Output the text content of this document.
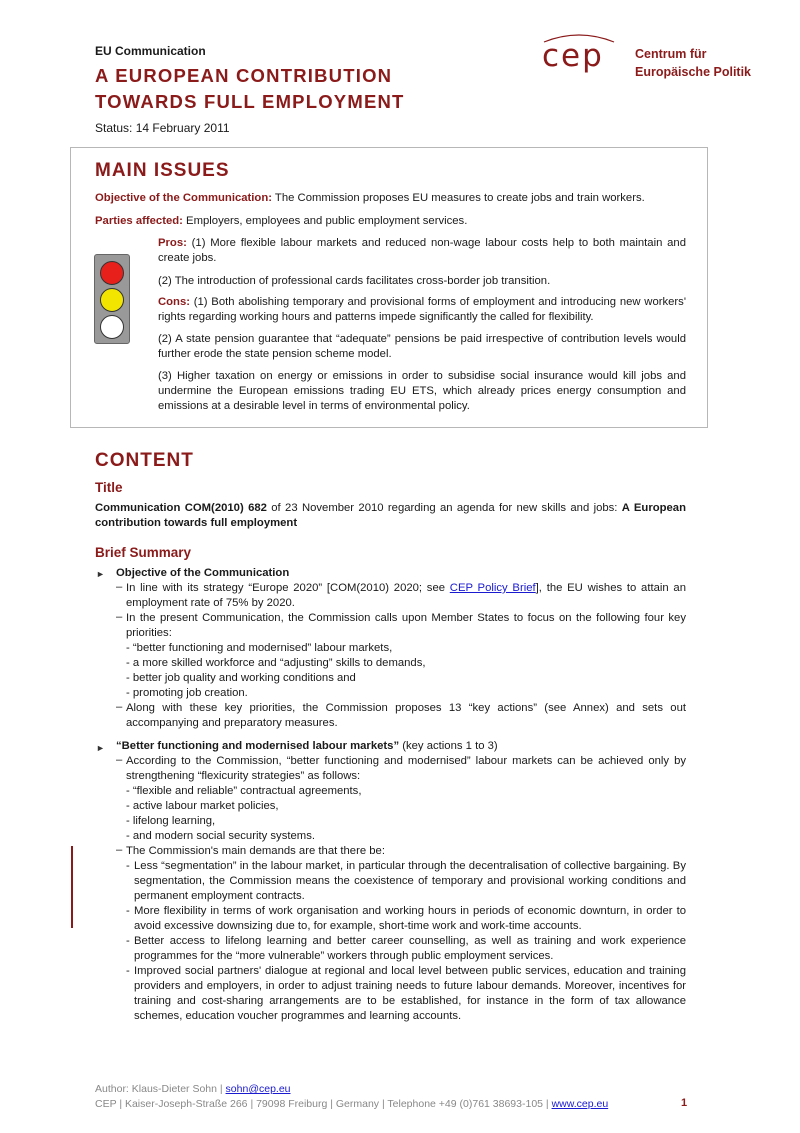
EU Communication
A EUROPEAN CONTRIBUTION
TOWARDS FULL EMPLOYMENT
Status: 14 February 2011
cep Centrum für
Europäische Politik
MAIN ISSUES
Objective of the Communication: The Commission proposes EU measures to create jobs and train workers.
Parties affected: Employers, employees and public employment services.
Pros: (1) More flexible labour markets and reduced non-wage labour costs help to both maintain and create jobs.
(2) The introduction of professional cards facilitates cross-border job transition.
Cons: (1) Both abolishing temporary and provisional forms of employment and introducing new workers' rights regarding working hours and patterns impede significantly the called for flexibility.
(2) A state pension guarantee that “adequate” pensions be paid irrespective of contribution levels would further erode the state pension scheme model.
(3) Higher taxation on energy or emissions in order to subsidise social insurance would kill jobs and undermine the European emissions trading EU ETS, which already prices energy consumption and emissions at a desirable level in terms of environmental policy.
CONTENT
Title
Communication COM(2010) 682 of 23 November 2010 regarding an agenda for new skills and jobs: A European contribution towards full employment
Brief Summary
► Objective of the Communication
– In line with its strategy “Europe 2020” [COM(2010) 2020; see CEP Policy Brief], the EU wishes to attain an employment rate of 75% by 2020.
– In the present Communication, the Commission calls upon Member States to focus on the following four key priorities:
- “better functioning and modernised” labour markets,
- a more skilled workforce and “adjusting” skills to demands,
- better job quality and working conditions and
- promoting job creation.
– Along with these key priorities, the Commission proposes 13 “key actions” (see Annex) and sets out accompanying and preparatory measures.
► “Better functioning and modernised labour markets” (key actions 1 to 3)
– According to the Commission, “better functioning and modernised” labour markets can be achieved only by strengthening “flexicurity strategies” as follows:
- “flexible and reliable” contractual agreements,
- active labour market policies,
- lifelong learning,
- and modern social security systems.
– The Commission's main demands are that there be:
- Less “segmentation” in the labour market, in particular through the decentralisation of collective bargaining. By segmentation, the Commission means the coexistence of temporary and provisional working conditions and permanent employment contracts.
- More flexibility in terms of work organisation and working hours in periods of economic downturn, in order to avoid excessive downsizing due to, for example, short-time work and work-time accounts.
- Better access to lifelong learning and better career counselling, as well as training and work experience programmes for the “more vulnerable” workers through public employment services.
- Improved social partners' dialogue at regional and local level between public services, education and training providers and employers, in order to adjust training needs to future labour demands. Moreover, incentives for training and cost-sharing arrangements are to be established, for instance in the form of tax allowance schemes, education voucher programmes and learning accounts.
Author: Klaus-Dieter Sohn | sohn@cep.eu
CEP | Kaiser-Joseph-Straße 266 | 79098 Freiburg | Germany | Telephone +49 (0)761 38693-105 | www.cep.eu	1
